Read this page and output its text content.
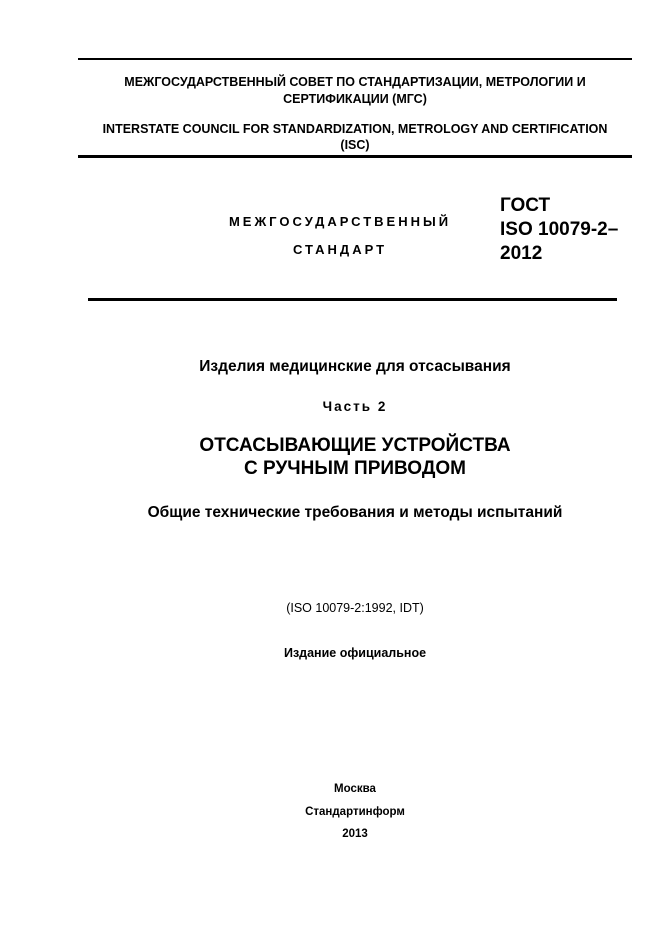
МЕЖГОСУДАРСТВЕННЫЙ СОВЕТ ПО СТАНДАРТИЗАЦИИ, МЕТРОЛОГИИ И
СЕРТИФИКАЦИИ (МГС)
INTERSTATE COUNCIL FOR STANDARDIZATION, METROLOGY AND CERTIFICATION
(ISC)
МЕЖГОСУДАРСТВЕННЫЙ
СТАНДАРТ
ГОСТ
ISO 10079-2–
2012
Изделия медицинские для отсасывания
Часть 2
ОТСАСЫВАЮЩИЕ УСТРОЙСТВА
С РУЧНЫМ ПРИВОДОМ
Общие технические требования и методы испытаний
(ISO 10079-2:1992, IDT)
Издание официальное
Москва
Стандартинформ
2013
